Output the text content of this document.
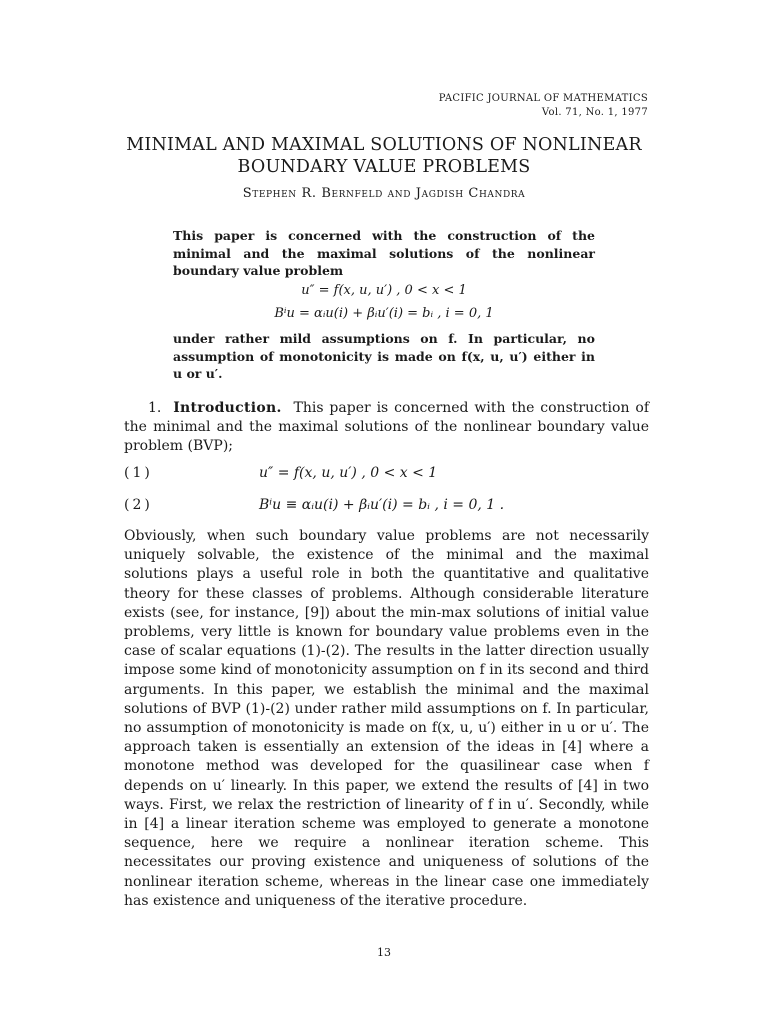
PACIFIC JOURNAL OF MATHEMATICS
Vol. 71, No. 1, 1977
MINIMAL AND MAXIMAL SOLUTIONS OF NONLINEAR
BOUNDARY VALUE PROBLEMS
Stephen R. Bernfeld and Jagdish Chandra
This paper is concerned with the construction of the minimal and the maximal solutions of the nonlinear boundary value problem
u″ = f(x, u, u′) , 0 < x < 1
Bⁱu = αᵢu(i) + βᵢu′(i) = bᵢ , i = 0, 1
under rather mild assumptions on f. In particular, no assumption of monotonicity is made on f(x, u, u′) either in u or u′.
1. Introduction. This paper is concerned with the construction of the minimal and the maximal solutions of the nonlinear boundary value problem (BVP);
(1)	u″ = f(x, u, u′) , 0 < x < 1
(2)	Bⁱu ≡ αᵢu(i) + βᵢu′(i) = bᵢ , i = 0, 1 .
Obviously, when such boundary value problems are not necessarily uniquely solvable, the existence of the minimal and the maximal solutions plays a useful role in both the quantitative and qualitative theory for these classes of problems. Although considerable literature exists (see, for instance, [9]) about the min-max solutions of initial value problems, very little is known for boundary value problems even in the case of scalar equations (1)-(2). The results in the latter direction usually impose some kind of monotonicity assumption on f in its second and third arguments. In this paper, we establish the minimal and the maximal solutions of BVP (1)-(2) under rather mild assumptions on f. In particular, no assumption of monotonicity is made on f(x, u, u′) either in u or u′. The approach taken is essentially an extension of the ideas in [4] where a monotone method was developed for the quasilinear case when f depends on u′ linearly. In this paper, we extend the results of [4] in two ways. First, we relax the restriction of linearity of f in u′. Secondly, while in [4] a linear iteration scheme was employed to generate a monotone sequence, here we require a nonlinear iteration scheme. This necessitates our proving existence and uniqueness of solutions of the nonlinear iteration scheme, whereas in the linear case one immediately has existence and uniqueness of the iterative procedure.
13
